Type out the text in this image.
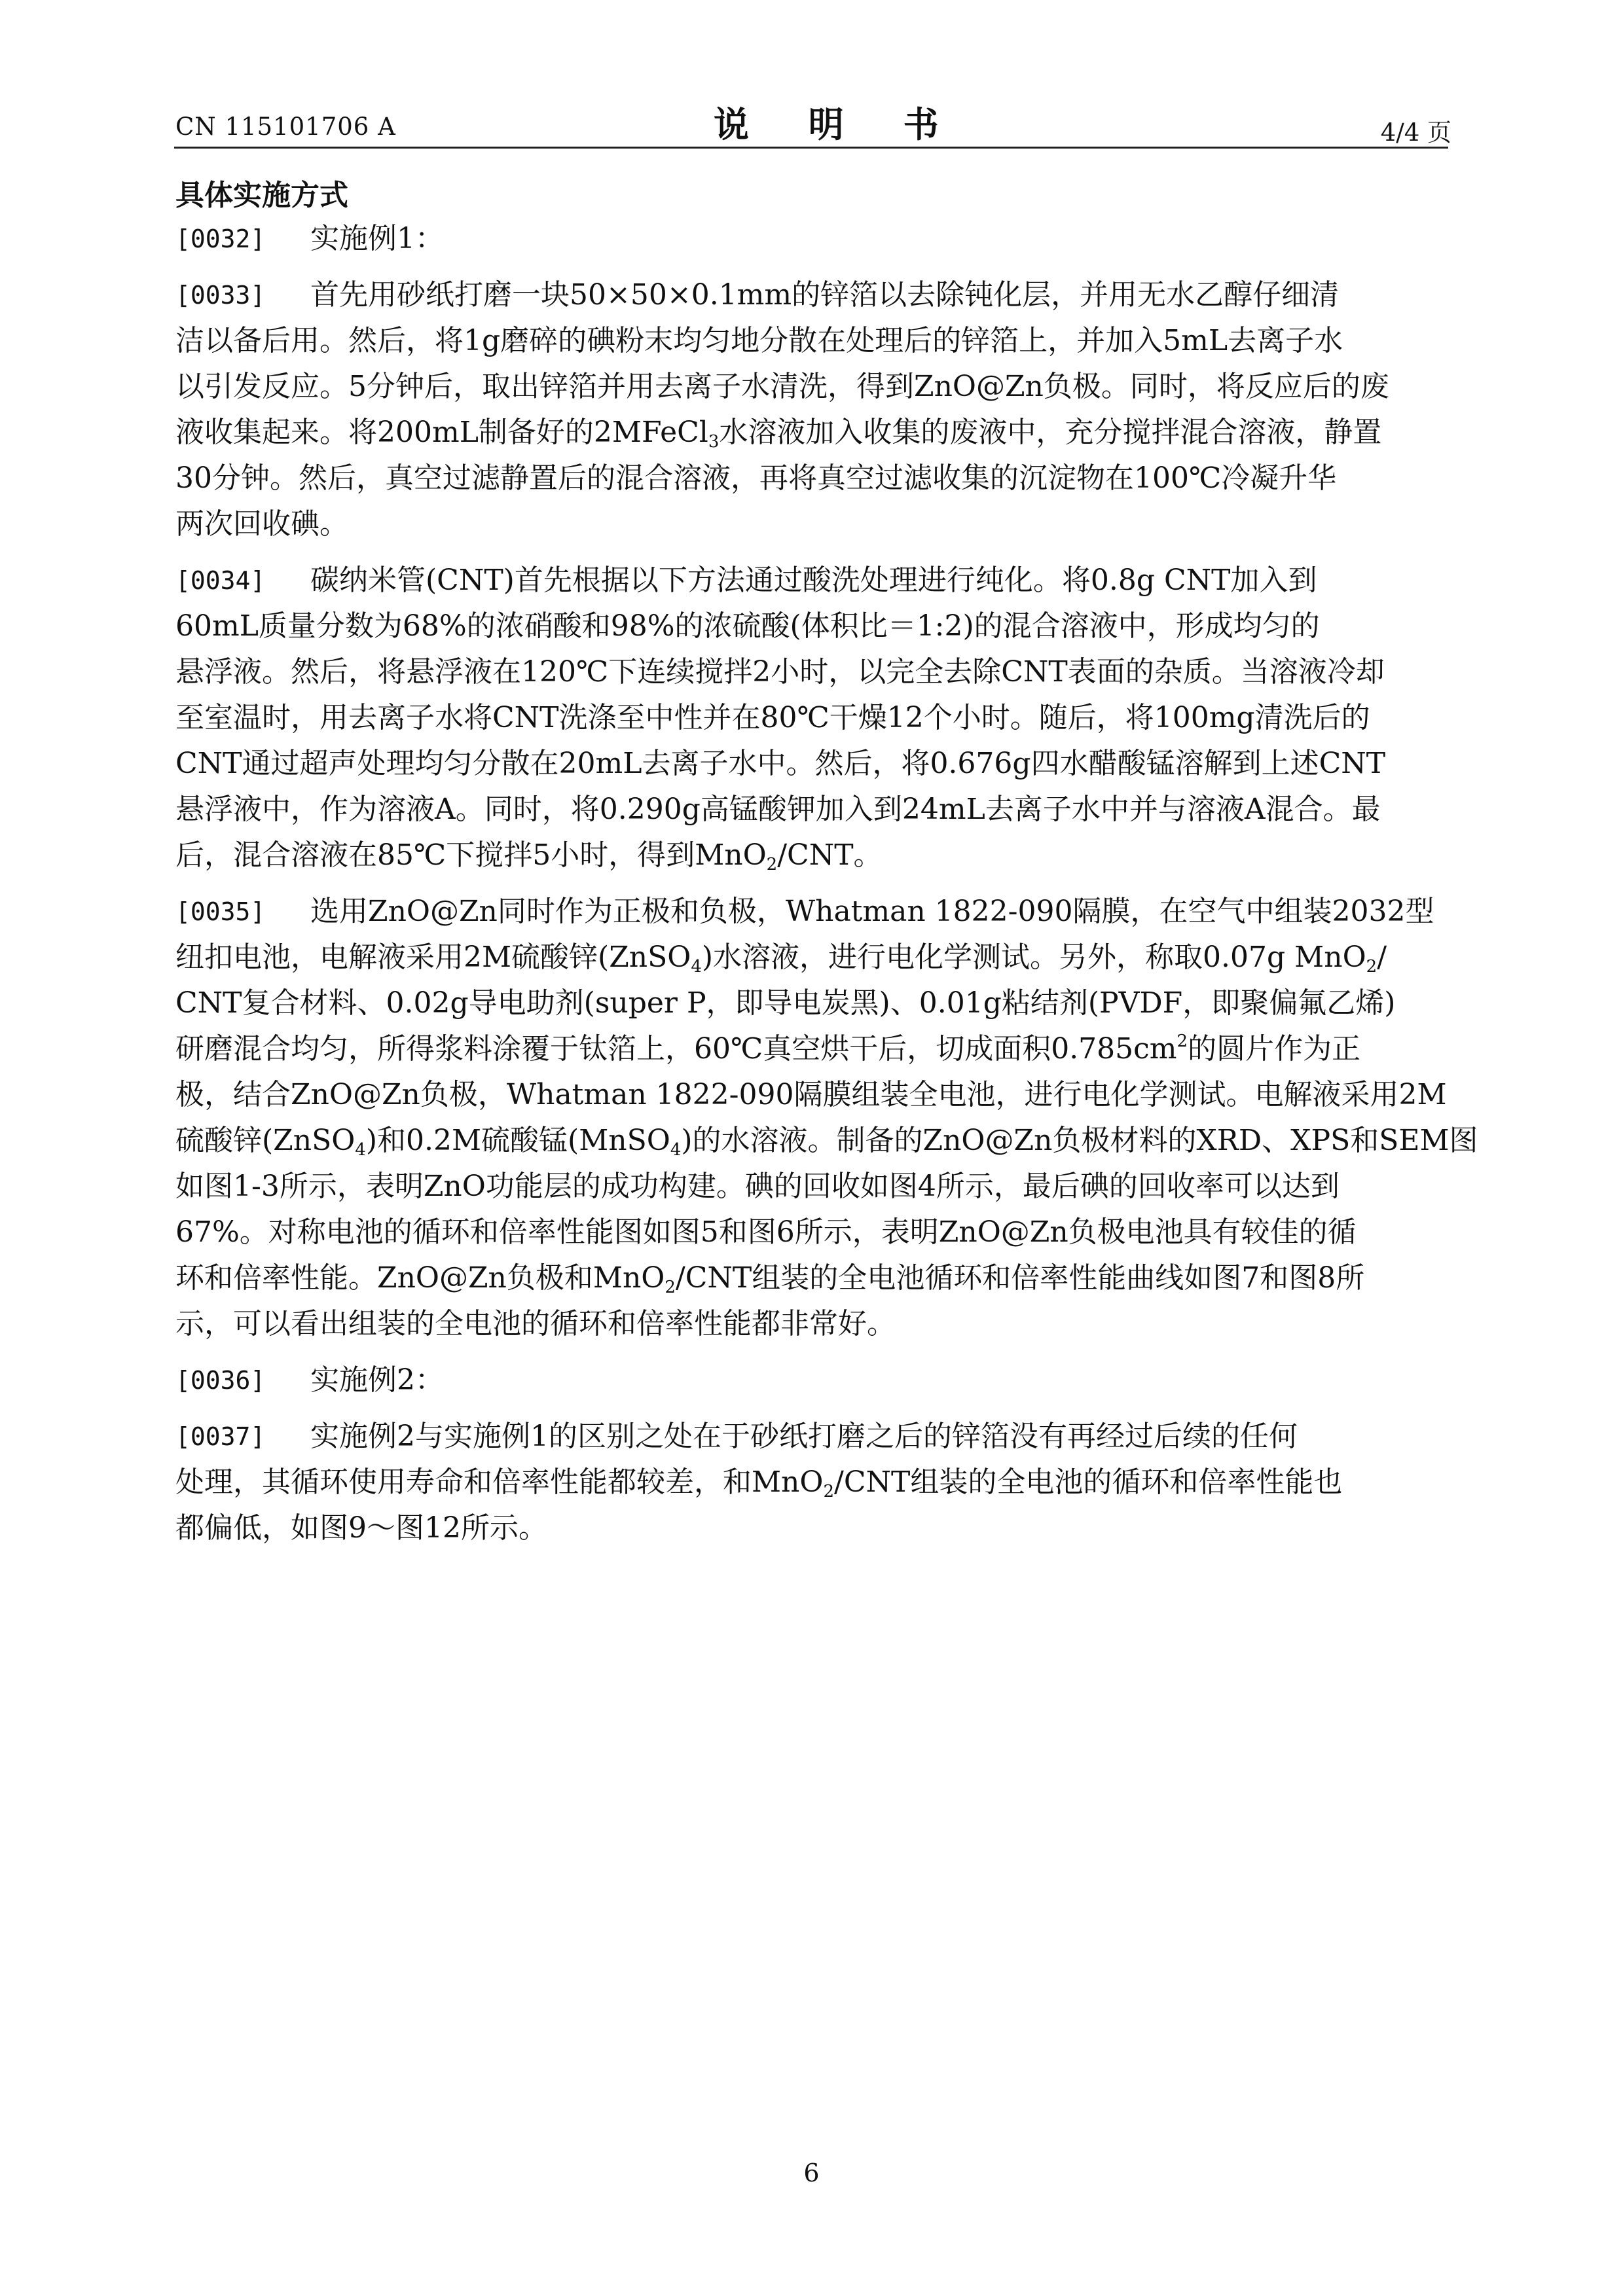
CN 115101706 A	说 明 书	4/4 页
具体实施方式
[0032]	实施例1：
[0033]	首先用砂纸打磨一块50×50×0.1mm的锌箔以去除钝化层，并用无水乙醇仔细清
洁以备后用。然后，将1g磨碎的碘粉末均匀地分散在处理后的锌箔上，并加入5mL去离子水
以引发反应。5分钟后，取出锌箔并用去离子水清洗，得到ZnO@Zn负极。同时，将反应后的废
液收集起来。将200mL制备好的2MFeCl$_3$水溶液加入收集的废液中，充分搅拌混合溶液，静置
30分钟。然后，真空过滤静置后的混合溶液，再将真空过滤收集的沉淀物在100℃冷凝升华
两次回收碘。
[0034]	碳纳米管(CNT)首先根据以下方法通过酸洗处理进行纯化。将0.8g CNT加入到
60mL质量分数为68%的浓硝酸和98%的浓硫酸(体积比＝1:2)的混合溶液中，形成均匀的
悬浮液。然后，将悬浮液在120℃下连续搅拌2小时，以完全去除CNT表面的杂质。当溶液冷却
至室温时，用去离子水将CNT洗涤至中性并在80℃干燥12个小时。随后，将100mg清洗后的
CNT通过超声处理均匀分散在20mL去离子水中。然后，将0.676g四水醋酸锰溶解到上述CNT
悬浮液中，作为溶液A。同时，将0.290g高锰酸钾加入到24mL去离子水中并与溶液A混合。最
后，混合溶液在85℃下搅拌5小时，得到MnO$_2$/CNT。
[0035]	选用ZnO@Zn同时作为正极和负极，Whatman 1822-090隔膜，在空气中组装2032型
纽扣电池，电解液采用2M硫酸锌(ZnSO$_4$)水溶液，进行电化学测试。另外，称取0.07g MnO$_2$/
CNT复合材料、0.02g导电助剂(super P，即导电炭黑)、0.01g粘结剂(PVDF，即聚偏氟乙烯)
研磨混合均匀，所得浆料涂覆于钛箔上，60℃真空烘干后，切成面积$0.785cm^2$的圆片作为正
极，结合ZnO@Zn负极，Whatman 1822-090隔膜组装全电池，进行电化学测试。电解液采用2M
硫酸锌(ZnSO$_4$)和0.2M硫酸锰(MnSO$_4$)的水溶液。制备的ZnO@Zn负极材料的XRD、XPS和SEM图
如图1-3所示，表明ZnO功能层的成功构建。碘的回收如图4所示，最后碘的回收率可以达到
67%。对称电池的循环和倍率性能图如图5和图6所示，表明ZnO@Zn负极电池具有较佳的循
环和倍率性能。ZnO@Zn负极和MnO$_2$/CNT组装的全电池循环和倍率性能曲线如图7和图8所
示，可以看出组装的全电池的循环和倍率性能都非常好。
[0036]	实施例2：
[0037]	实施例2与实施例1的区别之处在于砂纸打磨之后的锌箔没有再经过后续的任何
处理，其循环使用寿命和倍率性能都较差，和MnO$_2$/CNT组装的全电池的循环和倍率性能也
都偏低，如图9～图12所示。
6
